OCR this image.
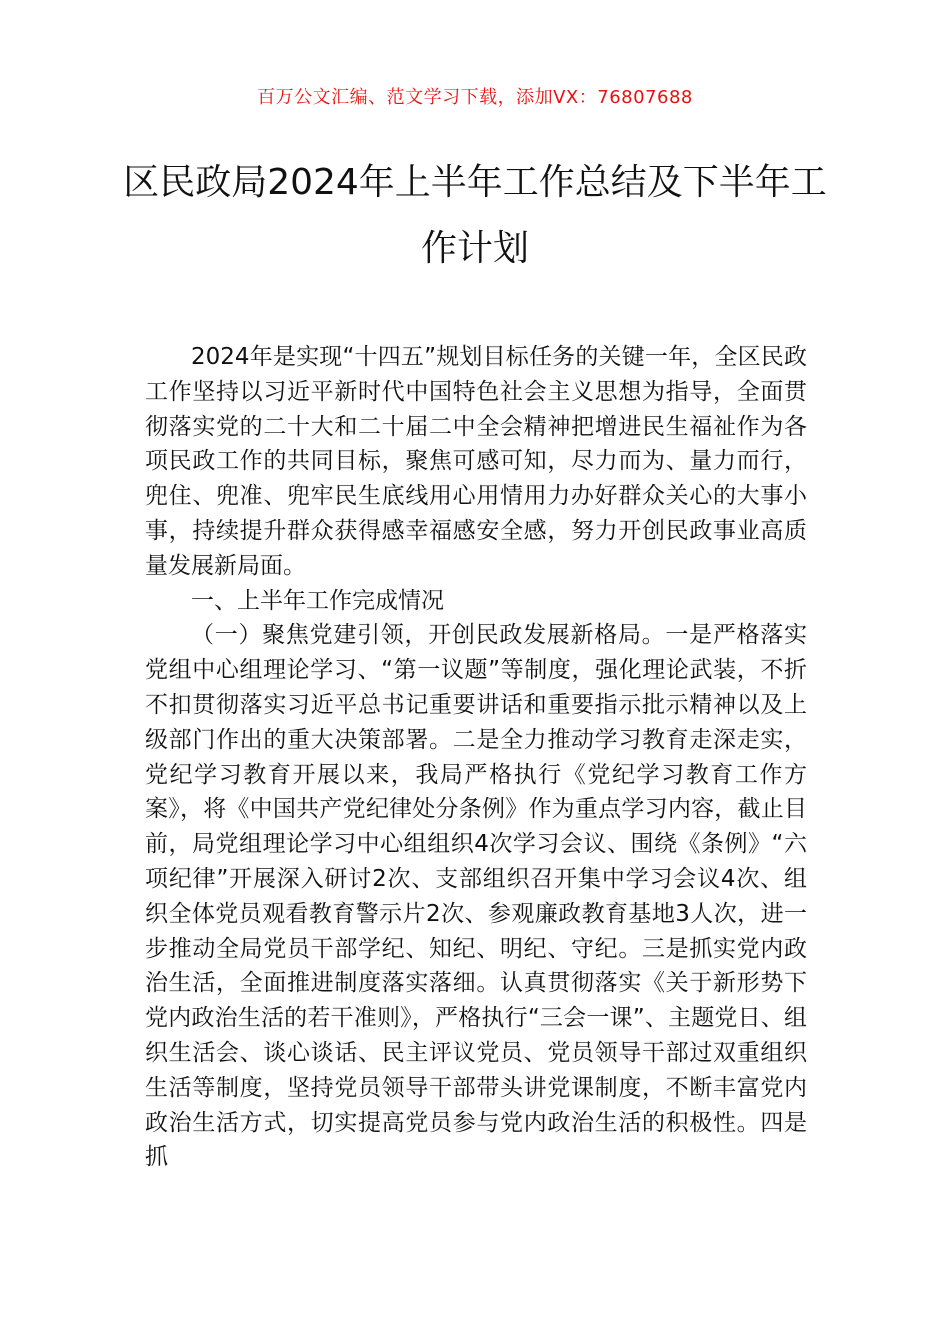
百万公文汇编、范文学习下载，添加VX：76807688
区民政局2024年上半年工作总结及下半年工作计划

2024年是实现“十四五”规划目标任务的关键一年，全区民政工作坚持以习近平新时代中国特色社会主义思想为指导，全面贯彻落实党的二十大和二十届二中全会精神把增进民生福祉作为各项民政工作的共同目标，聚焦可感可知，尽力而为、量力而行，兜住、兜准、兜牢民生底线用心用情用力办好群众关心的大事小事，持续提升群众获得感幸福感安全感，努力开创民政事业高质量发展新局面。

一、上半年工作完成情况

（一）聚焦党建引领，开创民政发展新格局。一是严格落实党组中心组理论学习、“第一议题”等制度，强化理论武装，不折不扣贯彻落实习近平总书记重要讲话和重要指示批示精神以及上级部门作出的重大决策部署。二是全力推动学习教育走深走实，党纪学习教育开展以来，我局严格执行《党纪学习教育工作方案》，将《中国共产党纪律处分条例》作为重点学习内容，截止目前，局党组理论学习中心组组织4次学习会议、围绕《条例》“六项纪律”开展深入研讨2次、支部组织召开集中学习会议4次、组织全体党员观看教育警示片2次、参观廉政教育基地3人次，进一步推动全局党员干部学纪、知纪、明纪、守纪。三是抓实党内政治生活，全面推进制度落实落细。认真贯彻落实《关于新形势下党内政治生活的若干准则》，严格执行“三会一课”、主题党日、组织生活会、谈心谈话、民主评议党员、党员领导干部过双重组织生活等制度，坚持党员领导干部带头讲党课制度，不断丰富党内政治生活方式，切实提高党员参与党内政治生活的积极性。四是抓
